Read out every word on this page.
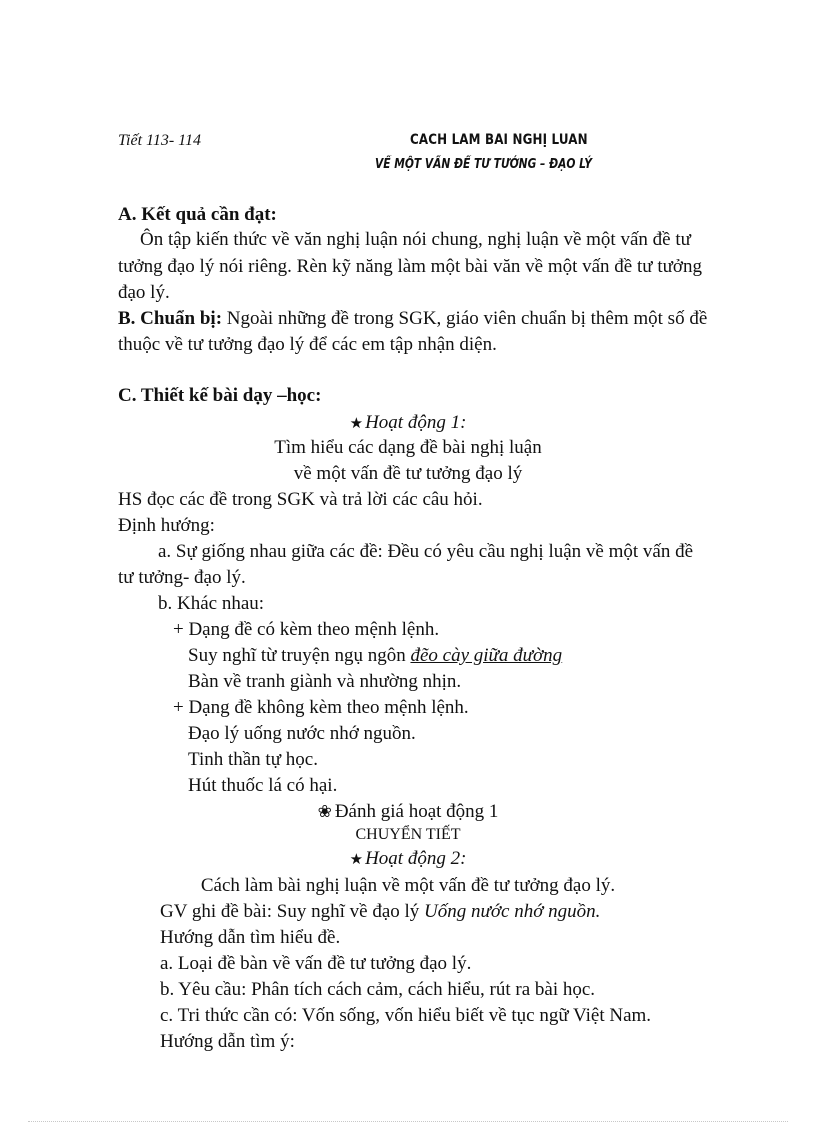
Tiết 113- 114	CACH LAM BAI NGHỊ LUAN
VỀ MỘT VẤN ĐỀ TƯ TƯỞNG – ĐẠO LÝ
A. Kết quả cần đạt:
Ôn tập kiến thức về văn nghị luận nói chung, nghị luận về một vấn đề tư
tưởng đạo lý nói riêng. Rèn kỹ năng làm một bài văn về một vấn đề tư tưởng
đạo lý.
B. Chuẩn bị: Ngoài những đề trong SGK, giáo viên chuẩn bị thêm một số đề
thuộc về tư tưởng đạo lý để các em tập nhận diện.
C. Thiết kế bài dạy –học:
★ Hoạt động 1:
Tìm hiểu các dạng đề bài nghị luận
về một vấn đề tư tưởng đạo lý
HS đọc các đề trong SGK và trả lời các câu hỏi.
Định hướng:
a. Sự giống nhau giữa các đề: Đều có yêu cầu nghị luận về một vấn đề
tư tưởng- đạo lý.
b. Khác nhau:
+ Dạng đề có kèm theo mệnh lệnh.
Suy nghĩ từ truyện ngụ ngôn đẽo cày giữa đường
Bàn về tranh giành và nhường nhịn.
+ Dạng đề không kèm theo mệnh lệnh.
Đạo lý uống nước nhớ nguồn.
Tinh thần tự học.
Hút thuốc lá có hại.
❀ Đánh giá hoạt động 1
CHUYỂN TIẾT
★ Hoạt động 2:
Cách làm bài nghị luận về một vấn đề tư tưởng đạo lý.
GV ghi đề bài: Suy nghĩ về đạo lý Uống nước nhớ nguồn.
Hướng dẫn tìm hiểu đề.
a. Loại đề bàn về vấn đề tư tưởng đạo lý.
b. Yêu cầu: Phân tích cách cảm, cách hiểu, rút ra bài học.
c. Tri thức cần có: Vốn sống, vốn hiểu biết về tục ngữ Việt Nam.
Hướng dẫn tìm ý:
